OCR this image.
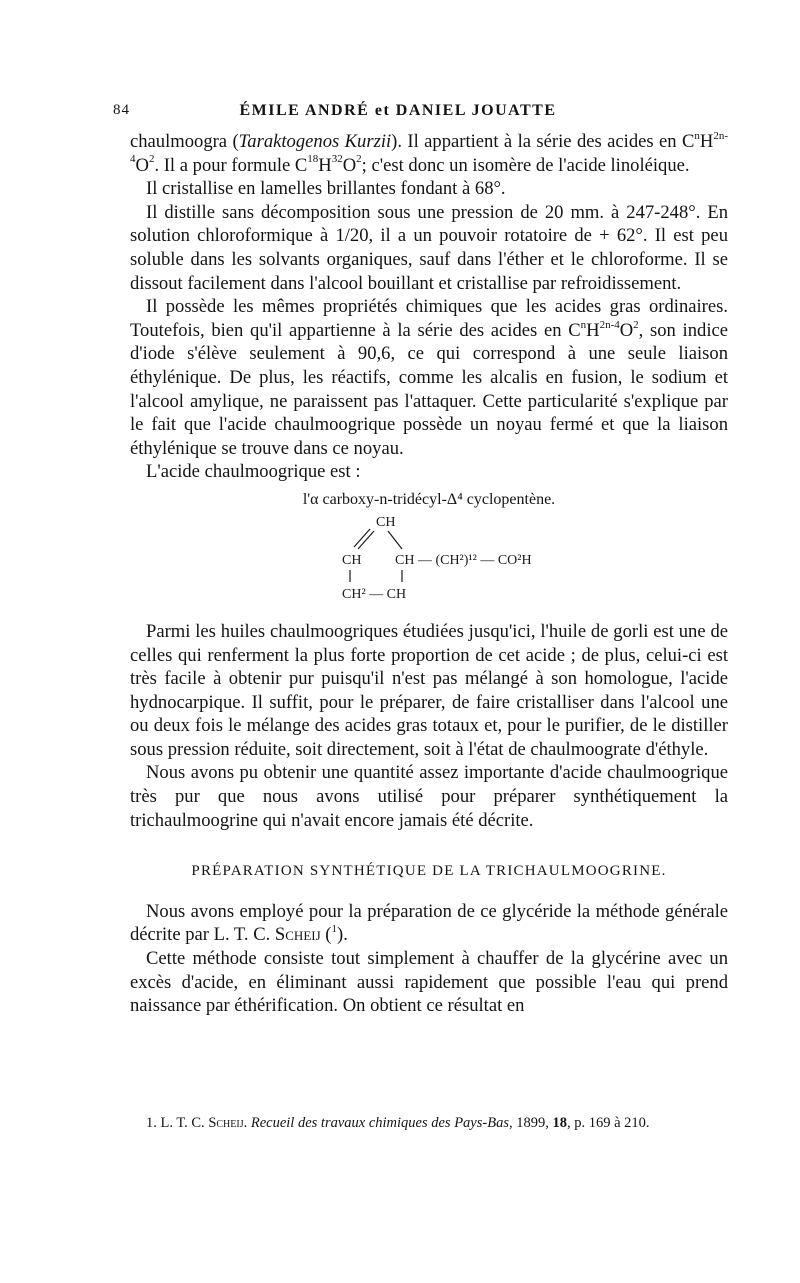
84	ÉMILE ANDRÉ et DANIEL JOUATTE

chaulmoogra (Taraktogenos Kurzii). Il appartient à la série des acides en $C^nH^{2n-4}O^2$. Il a pour formule $C^{18}H^{32}O^2$; c'est donc un isomère de l'acide linoléique.

Il cristallise en lamelles brillantes fondant à 68°.

Il distille sans décomposition sous une pression de 20 mm. à 247-248°. En solution chloroformique à 1/20, il a un pouvoir rotatoire de + 62°. Il est peu soluble dans les solvants organiques, sauf dans l'éther et le chloroforme. Il se dissout facilement dans l'alcool bouillant et cristallise par refroidissement.

Il possède les mêmes propriétés chimiques que les acides gras ordinaires. Toutefois, bien qu'il appartienne à la série des acides en $C^nH^{2n-4}O^2$, son indice d'iode s'élève seulement à 90,6, ce qui correspond à une seule liaison éthylénique. De plus, les réactifs, comme les alcalis en fusion, le sodium et l'alcool amylique, ne paraissent pas l'attaquer. Cette particularité s'explique par le fait que l'acide chaulmoogrique possède un noyau fermé et que la liaison éthylénique se trouve dans ce noyau.

L'acide chaulmoogrique est :

l'α carboxy-n-tridécyl-Δ⁴ cyclopentène.
CH
CH CH — (CH²)¹² — CO²H
CH² — CH

Parmi les huiles chaulmoogriques étudiées jusqu'ici, l'huile de gorli est une de celles qui renferment la plus forte proportion de cet acide ; de plus, celui-ci est très facile à obtenir pur puisqu'il n'est pas mélangé à son homologue, l'acide hydnocarpique. Il suffit, pour le préparer, de faire cristalliser dans l'alcool une ou deux fois le mélange des acides gras totaux et, pour le purifier, de le distiller sous pression réduite, soit directement, soit à l'état de chaulmoograte d'éthyle.

Nous avons pu obtenir une quantité assez importante d'acide chaulmoogrique très pur que nous avons utilisé pour préparer synthétiquement la trichaulmoogrine qui n'avait encore jamais été décrite.

PRÉPARATION SYNTHÉTIQUE DE LA TRICHAULMOOGRINE.

Nous avons employé pour la préparation de ce glycéride la méthode générale décrite par L. T. C. Scheij ($^1$).

Cette méthode consiste tout simplement à chauffer de la glycérine avec un excès d'acide, en éliminant aussi rapidement que possible l'eau qui prend naissance par éthérification. On obtient ce résultat en

1. L. T. C. Scheij. Recueil des travaux chimiques des Pays-Bas, 1899, 18, p. 169 à 210.
